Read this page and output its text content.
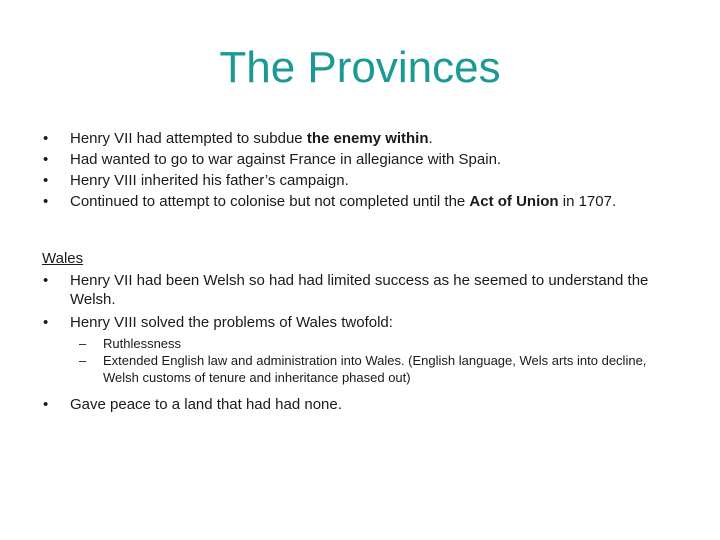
The Provinces
• Henry VII had attempted to subdue the enemy within.
• Had wanted to go to war against France in allegiance with Spain.
• Henry VIII inherited his father’s campaign.
• Continued to attempt to colonise but not completed until the Act of Union in 1707.
Wales
• Henry VII had been Welsh so had had limited success as he seemed to understand the Welsh.
• Henry VIII solved the problems of Wales twofold:
– Ruthlessness
– Extended English law and administration into Wales. (English language, Wels arts into decline, Welsh customs of tenure and inheritance phased out)
• Gave peace to a land that had had none.
